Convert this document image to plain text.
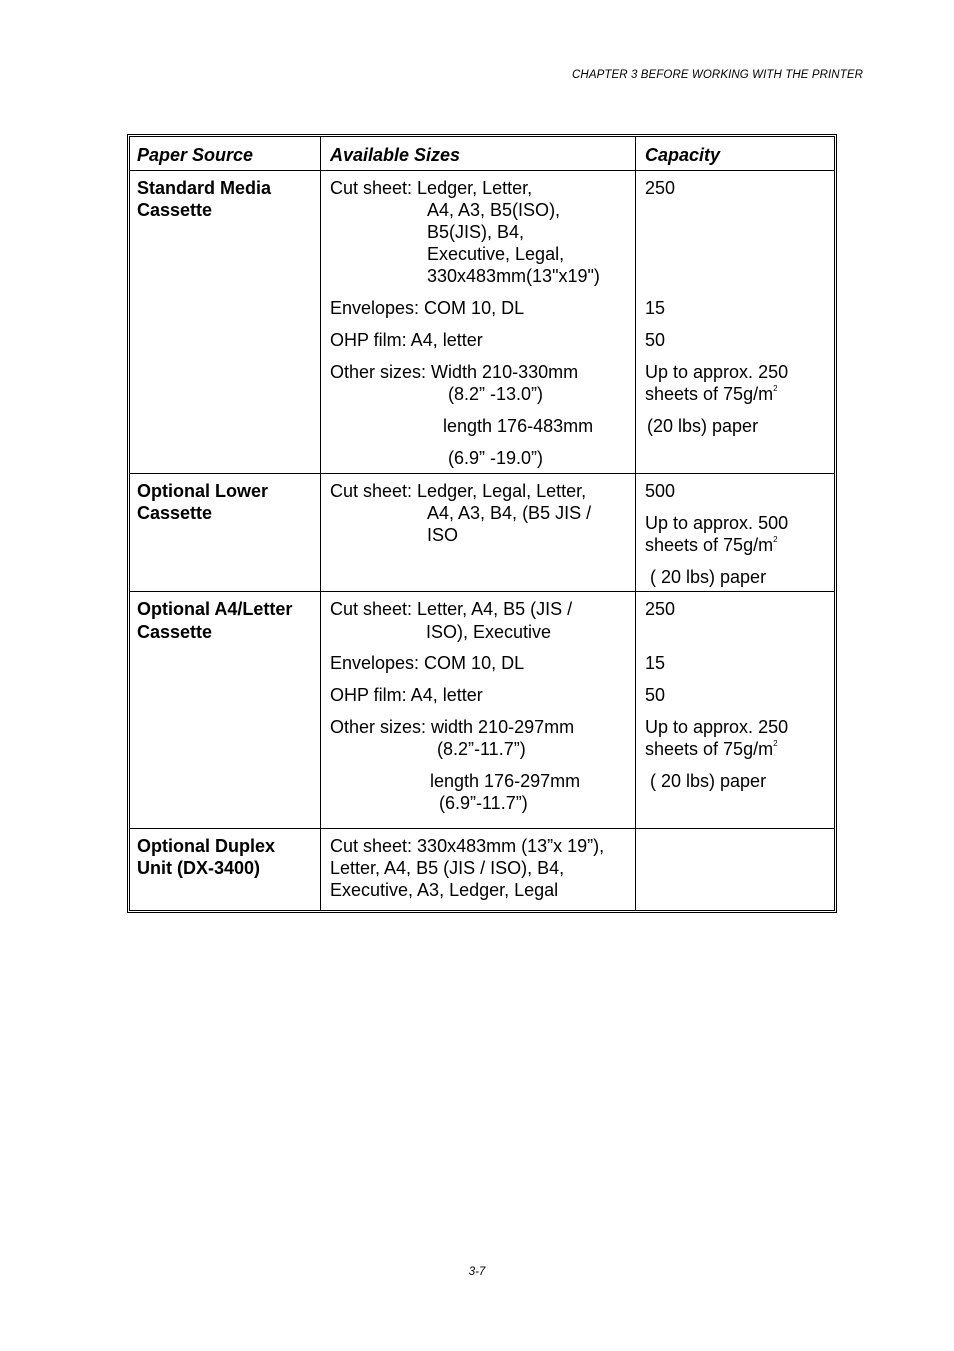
CHAPTER 3 BEFORE WORKING WITH THE PRINTER
Paper Source	Available Sizes	Capacity
Standard Media
Cassette
Cut sheet: Ledger, Letter,
A4, A3, B5(ISO),
B5(JIS), B4,
Executive, Legal,
330x483mm(13"x19")
Envelopes: COM 10, DL
OHP film: A4, letter
Other sizes: Width 210-330mm
(8.2” -13.0”)
length 176-483mm
(6.9” -19.0”)
250
15
50
Up to approx. 250
sheets of $75g/m^2$
(20 lbs) paper
Optional Lower
Cassette
Cut sheet: Ledger, Legal, Letter,
A4, A3, B4, (B5 JIS /
ISO
500
Up to approx. 500
sheets of $75g/m^2$
( 20 lbs) paper
Optional A4/Letter
Cassette
Cut sheet: Letter, A4, B5 (JIS /
ISO), Executive
Envelopes: COM 10, DL
OHP film: A4, letter
Other sizes: width 210-297mm
(8.2”-11.7”)
length 176-297mm
(6.9”-11.7”)
250
15
50
Up to approx. 250
sheets of $75g/m^2$
( 20 lbs) paper
Optional Duplex
Unit (DX-3400)
Cut sheet: 330x483mm (13”x 19”),
Letter, A4, B5 (JIS / ISO), B4,
Executive, A3, Ledger, Legal
3-7
